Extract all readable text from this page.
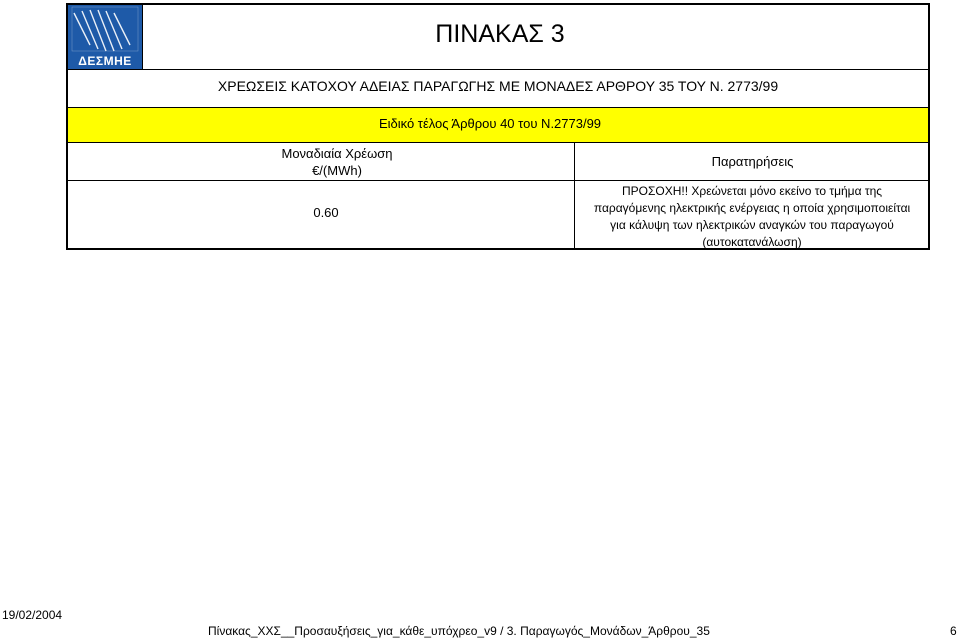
ΔΕΣΜΗΕ
ΠΙΝΑΚΑΣ 3
ΧΡΕΩΣΕΙΣ ΚΑΤΟΧΟΥ ΑΔΕΙΑΣ ΠΑΡΑΓΩΓΗΣ ΜΕ ΜΟΝΑΔΕΣ ΑΡΘΡΟΥ 35 ΤΟΥ Ν. 2773/99
Ειδικό τέλος Άρθρου 40 του Ν.2773/99
Μοναδιαία Χρέωση
€/(MWh)
Παρατηρήσεις
0.60
ΠΡΟΣΟΧΗ!! Χρεώνεται μόνο εκείνο το τμήμα της
παραγόμενης ηλεκτρικής ενέργειας η οποία χρησιμοποιείται
για κάλυψη των ηλεκτρικών αναγκών του παραγωγού
(αυτοκατανάλωση)
19/02/2004
Πίνακας_ΧΧΣ__Προσαυξήσεις_για_κάθε_υπόχρεο_v9 / 3. Παραγωγός_Μονάδων_Άρθρου_35	6
